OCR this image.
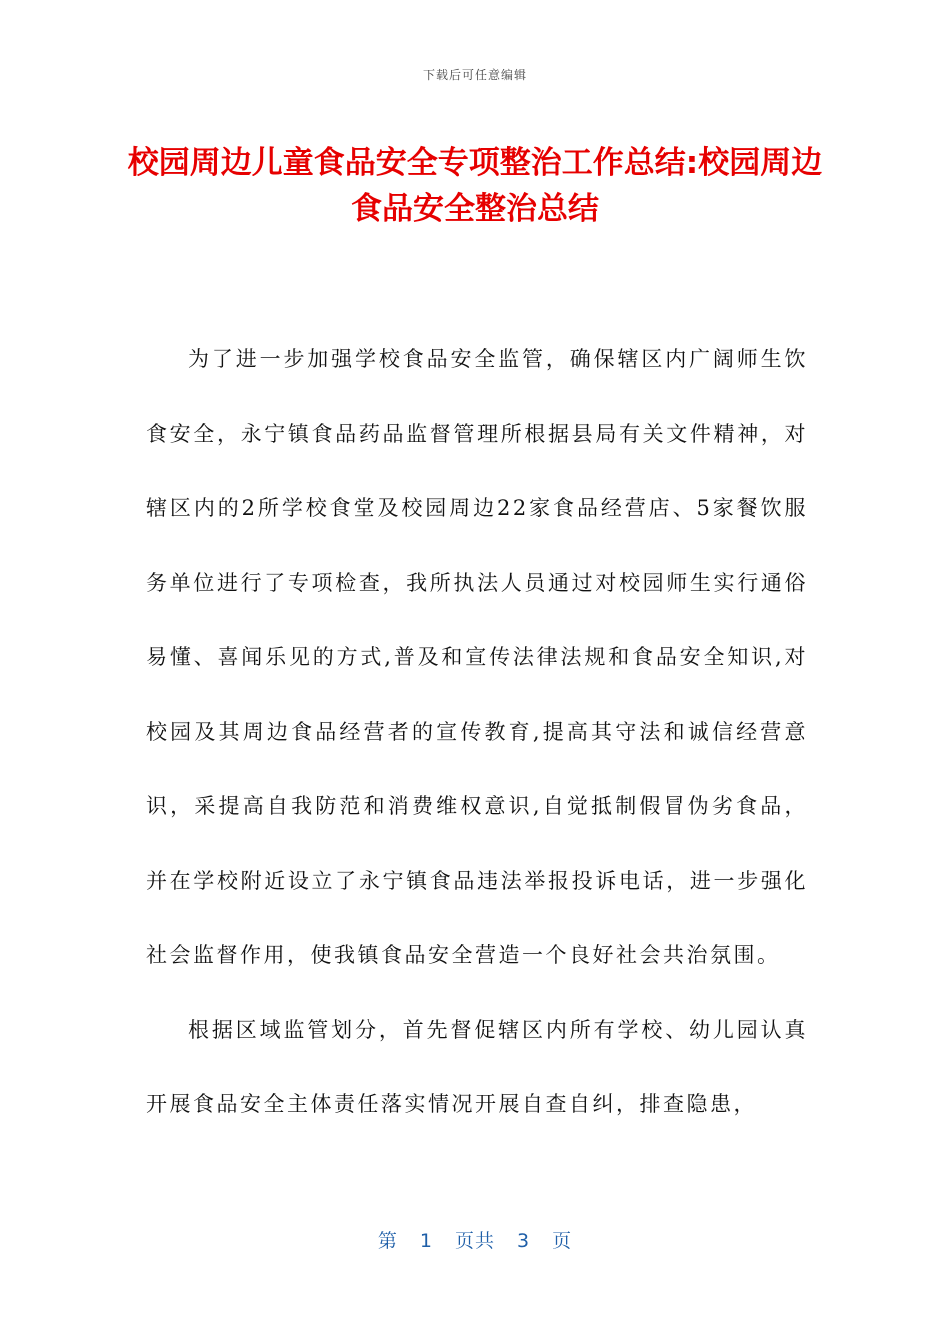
下载后可任意编辑
校园周边儿童食品安全专项整治工作总结:校园周边食品安全整治总结

为了进一步加强学校食品安全监管，确保辖区内广阔师生饮食安全，永宁镇食品药品监督管理所根据县局有关文件精神，对辖区内的2所学校食堂及校园周边22家食品经营店、5家餐饮服务单位进行了专项检查，我所执法人员通过对校园师生实行通俗易懂、喜闻乐见的方式,普及和宣传法律法规和食品安全知识,对校园及其周边食品经营者的宣传教育,提高其守法和诚信经营意识，采提高自我防范和消费维权意识,自觉抵制假冒伪劣食品，并在学校附近设立了永宁镇食品违法举报投诉电话，进一步强化社会监督作用，使我镇食品安全营造一个良好社会共治氛围。

根据区域监管划分，首先督促辖区内所有学校、幼儿园认真开展食品安全主体责任落实情况开展自查自纠，排查隐患，

第 1 页共 3 页
